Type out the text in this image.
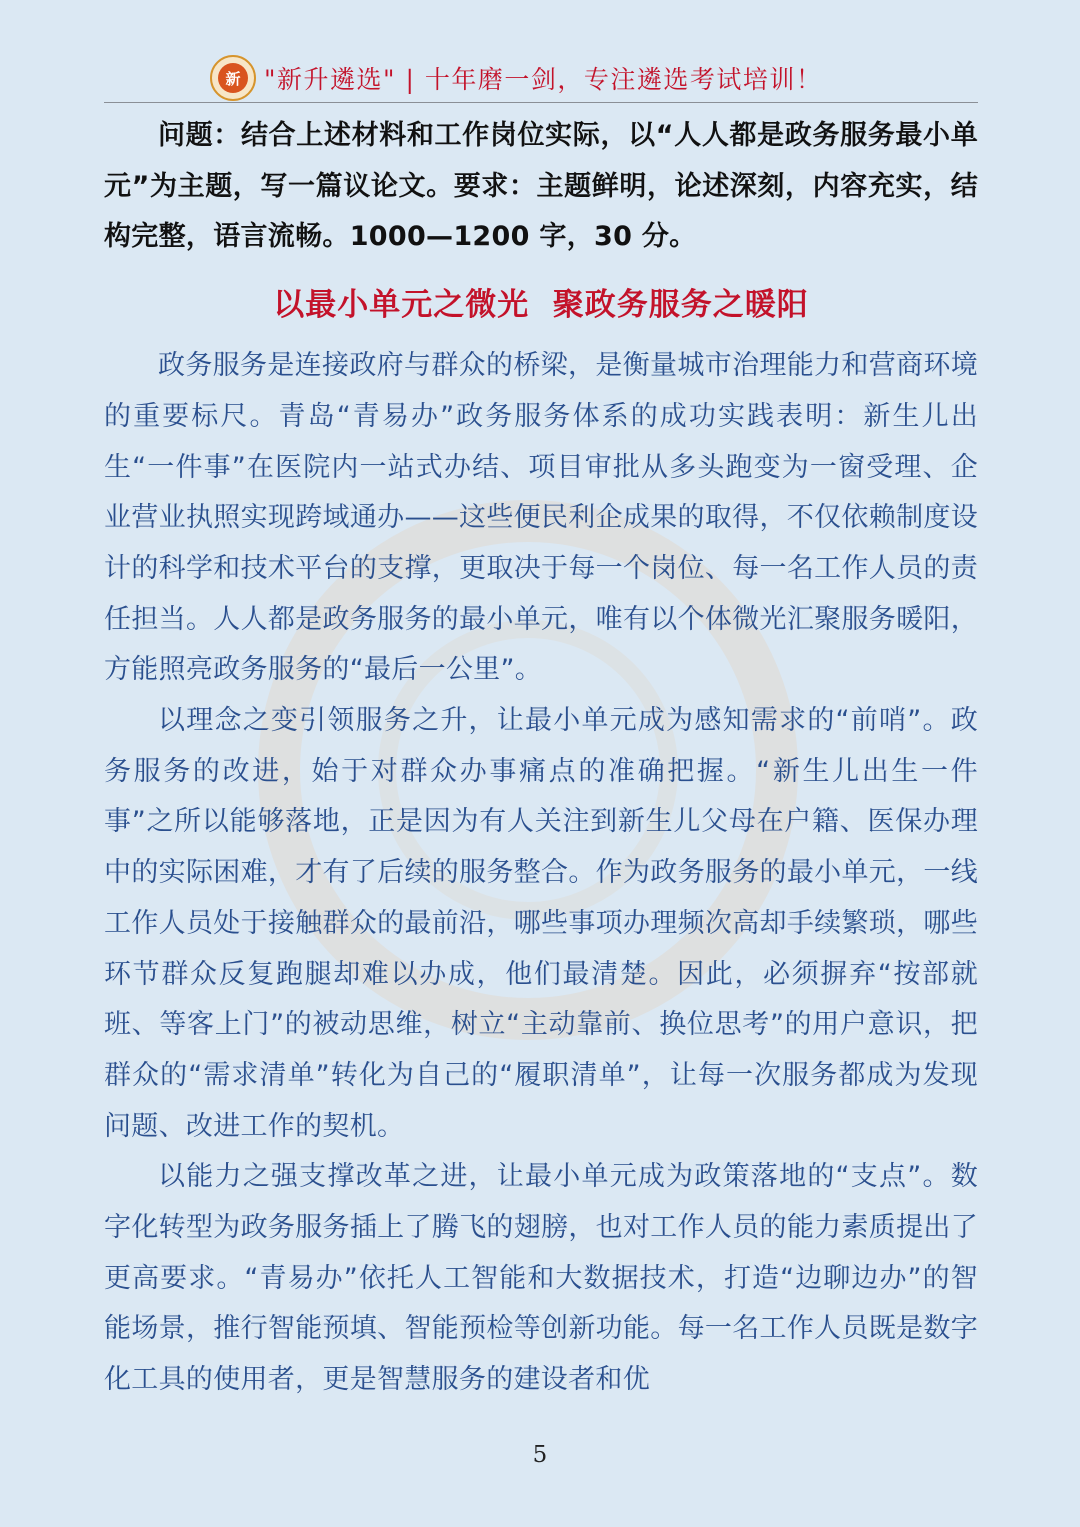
新 "新升遴选" | 十年磨一剑，专注遴选考试培训！

问题：结合上述材料和工作岗位实际，以“人人都是政务服务最小单元”为主题，写一篇议论文。要求：主题鲜明，论述深刻，内容充实，结构完整，语言流畅。1000—1200 字，30 分。

以最小单元之微光  聚政务服务之暖阳

政务服务是连接政府与群众的桥梁，是衡量城市治理能力和营商环境的重要标尺。青岛“青易办”政务服务体系的成功实践表明：新生儿出生“一件事”在医院内一站式办结、项目审批从多头跑变为一窗受理、企业营业执照实现跨域通办——这些便民利企成果的取得，不仅依赖制度设计的科学和技术平台的支撑，更取决于每一个岗位、每一名工作人员的责任担当。人人都是政务服务的最小单元，唯有以个体微光汇聚服务暖阳，方能照亮政务服务的“最后一公里”。

以理念之变引领服务之升，让最小单元成为感知需求的“前哨”。政务服务的改进，始于对群众办事痛点的准确把握。“新生儿出生一件事”之所以能够落地，正是因为有人关注到新生儿父母在户籍、医保办理中的实际困难，才有了后续的服务整合。作为政务服务的最小单元，一线工作人员处于接触群众的最前沿，哪些事项办理频次高却手续繁琐，哪些环节群众反复跑腿却难以办成，他们最清楚。因此，必须摒弃“按部就班、等客上门”的被动思维，树立“主动靠前、换位思考”的用户意识，把群众的“需求清单”转化为自己的“履职清单”，让每一次服务都成为发现问题、改进工作的契机。

以能力之强支撑改革之进，让最小单元成为政策落地的“支点”。数字化转型为政务服务插上了腾飞的翅膀，也对工作人员的能力素质提出了更高要求。“青易办”依托人工智能和大数据技术，打造“边聊边办”的智能场景，推行智能预填、智能预检等创新功能。每一名工作人员既是数字化工具的使用者，更是智慧服务的建设者和优

5
